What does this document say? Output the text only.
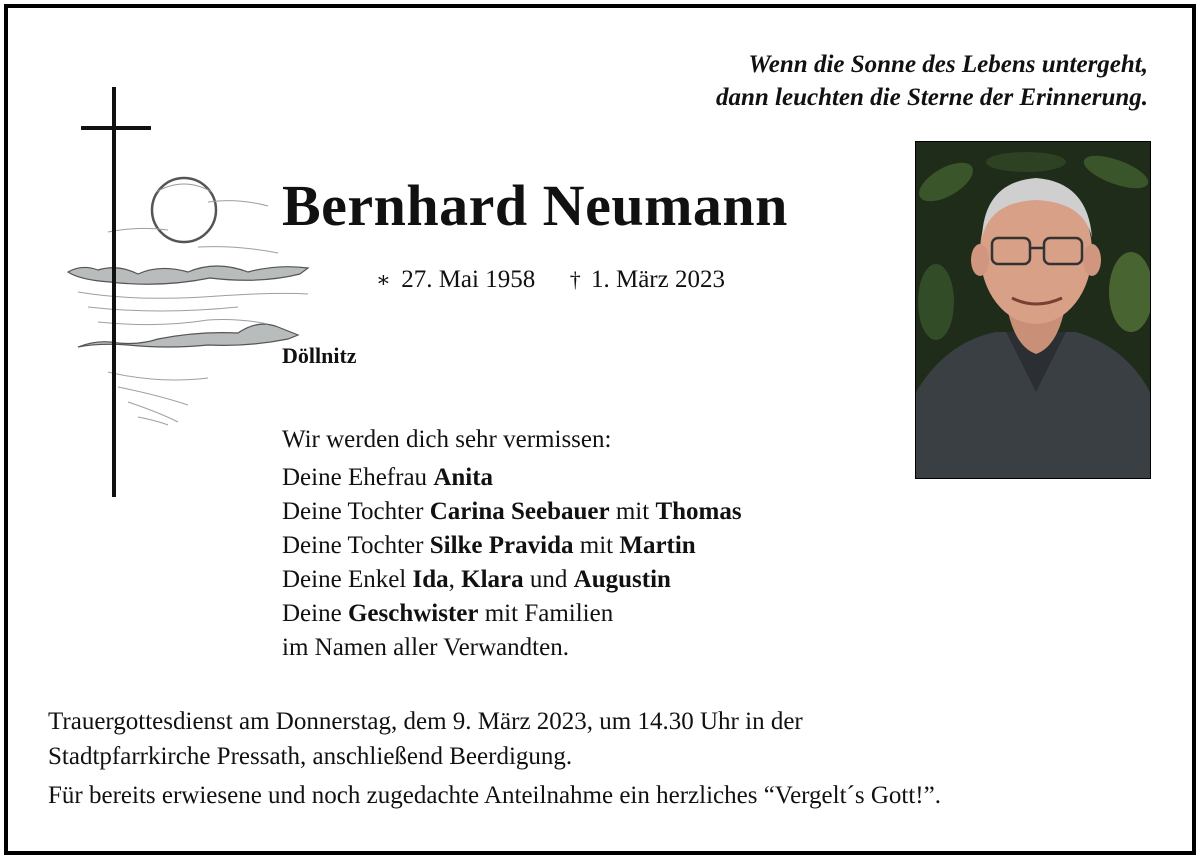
Wenn die Sonne des Lebens untergeht,
dann leuchten die Sterne der Erinnerung.
Bernhard Neumann
∗ 27. Mai 1958 † 1. März 2023
Döllnitz
Wir werden dich sehr vermissen:
Deine Ehefrau Anita
Deine Tochter Carina Seebauer mit Thomas
Deine Tochter Silke Pravida mit Martin
Deine Enkel Ida, Klara und Augustin
Deine Geschwister mit Familien
im Namen aller Verwandten.
Trauergottesdienst am Donnerstag, dem 9. März 2023, um 14.30 Uhr in der
Stadtpfarrkirche Pressath, anschließend Beerdigung.
Für bereits erwiesene und noch zugedachte Anteilnahme ein herzliches “Vergelt´s Gott!”.
